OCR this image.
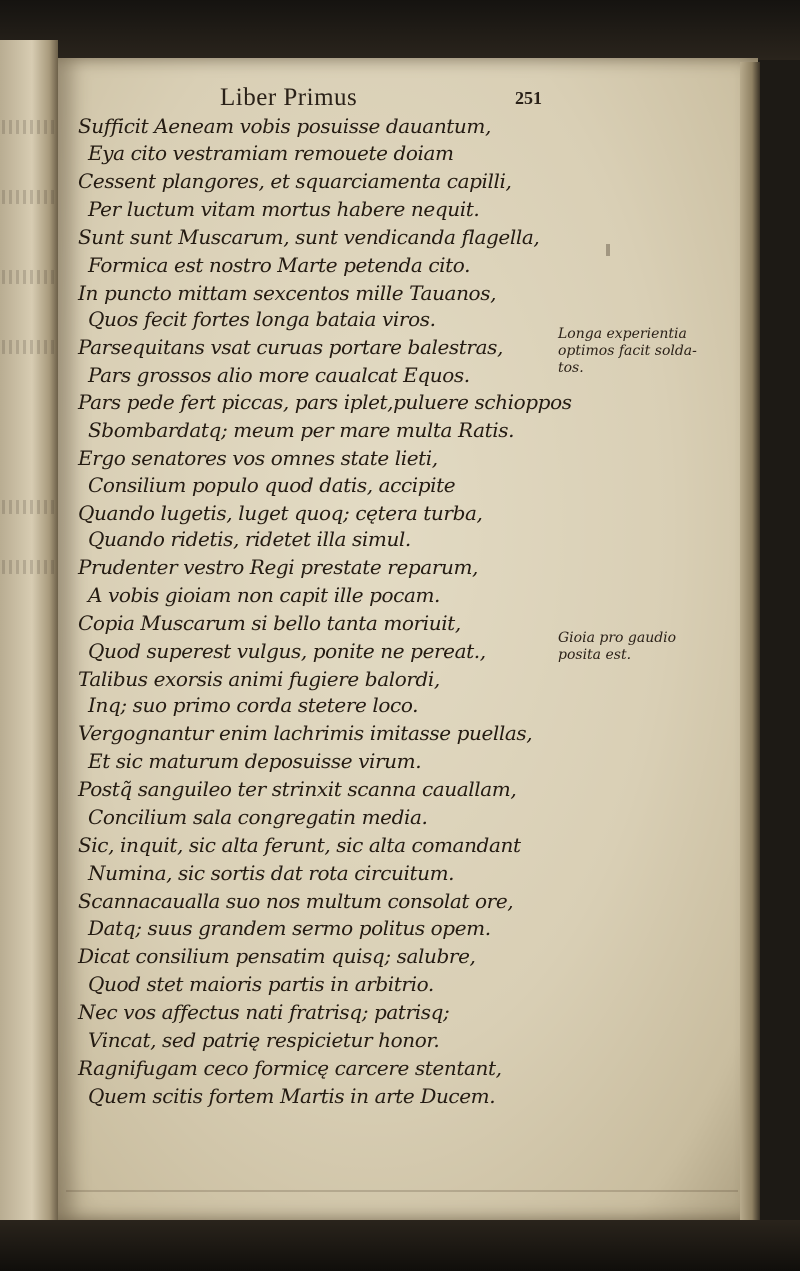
Liber Primus	251
Sufficit Aeneam vobis posuisse dauantum,
Eya cito vestramiam remouete doiam
Cessent plangores, et squarciamenta capilli,
Per luctum vitam mortus habere nequit.
Sunt sunt Muscarum, sunt vendicanda flagella,
Formica est nostro Marte petenda cito.
In puncto mittam sexcentos mille Tauanos,
Quos fecit fortes longa bataia viros.
Parsequitans vsat curuas portare balestras,
Pars grossos alio more caualcat Equos.
Pars pede fert piccas, pars iplet,puluere schioppos
Sbombardatq; meum per mare multa Ratis.
Ergo senatores vos omnes state lieti,
Consilium populo quod datis, accipite
Quando lugetis, luget quoq; cętera turba,
Quando ridetis, ridetet illa simul.
Prudenter vestro Regi prestate reparum,
A vobis gioiam non capit ille pocam.
Copia Muscarum si bello tanta moriuit,
Quod superest vulgus, ponite ne pereat.,
Talibus exorsis animi fugiere balordi,
Inq; suo primo corda stetere loco.
Vergognantur enim lachrimis imitasse puellas,
Et sic maturum deposuisse virum.
Postq̃ sanguileo ter strinxit scanna cauallam,
Concilium sala congregatin media.
Sic, inquit, sic alta ferunt, sic alta comandant
Numina, sic sortis dat rota circuitum.
Scannacaualla suo nos multum consolat ore,
Datq; suus grandem sermo politus opem.
Dicat consilium pensatim quisq; salubre,
Quod stet maioris partis in arbitrio.
Nec vos affectus nati fratrisq; patrisq;
Vincat, sed patrię respicietur honor.
Ragnifugam ceco formicę carcere stentant,
Quem scitis fortem Martis in arte Ducem.
Longa experientia
optimos facit solda-
tos.
Gioia pro gaudio
posita est.
